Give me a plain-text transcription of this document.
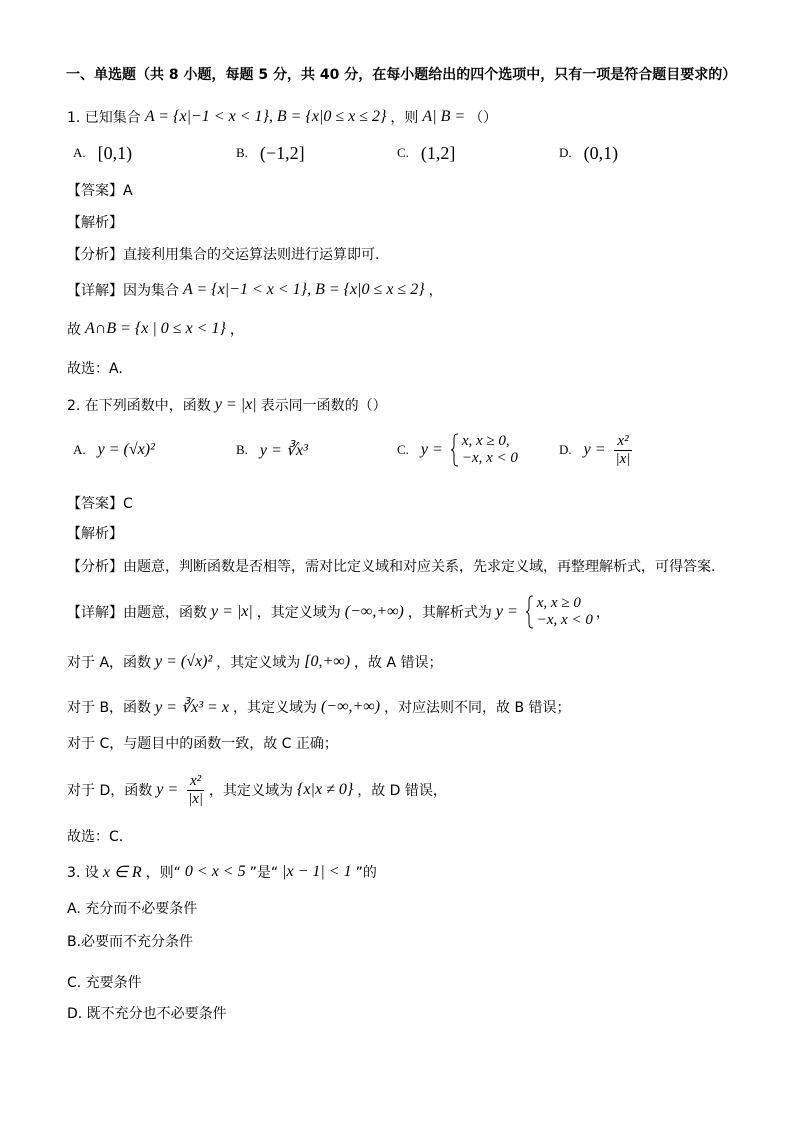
一、单选题（共 8 小题，每题 5 分，共 40 分，在每小题给出的四个选项中，只有一项是符合题目要求的）
1. 已知集合 A = {x|−1 < x < 1}, B = {x|0 ≤ x ≤ 2} ，则 A| B = （）
A. [0,1)	B. (−1,2]	C. (1,2]	D. (0,1)
【答案】A
【解析】
【分析】直接利用集合的交运算法则进行运算即可.
【详解】因为集合 A = {x|−1 < x < 1}, B = {x|0 ≤ x ≤ 2} ，
故 A∩B = {x | 0 ≤ x < 1} ，
故选：A.
2. 在下列函数中，函数 y = |x| 表示同一函数的（）
A. y = (√x)²	B. y = ∛x³	C. y = x, x ≥ 0,
−x, x < 0
D. $y = \frac{\text{x²}}{|x|}$
【答案】C
【解析】
【分析】由题意，判断函数是否相等，需对比定义域和对应关系，先求定义域，再整理解析式，可得答案.
【详解】由题意，函数 y = |x| ，其定义域为 (−∞,+∞) ，其解析式为 y = x, x ≥ 0
−x, x < 0 ，
对于 A，函数 y = (√x)² ，其定义域为 [0,+∞) ，故 A 错误；
对于 B，函数 y = ∛x³ = x ，其定义域为 (−∞,+∞) ，对应法则不同，故 B 错误；
对于 C，与题目中的函数一致，故 C 正确；
对于 D，函数 $y = \frac{\text{x²}}{|x|}$ ，其定义域为 {x|x ≠ 0} ，故 D 错误，
故选：C.
3. 设 x ∈ R ，则“ 0 < x < 5 ”是“ |x − 1| < 1 ”的
A. 充分而不必要条件
B.必要而不充分条件
C. 充要条件
D. 既不充分也不必要条件
